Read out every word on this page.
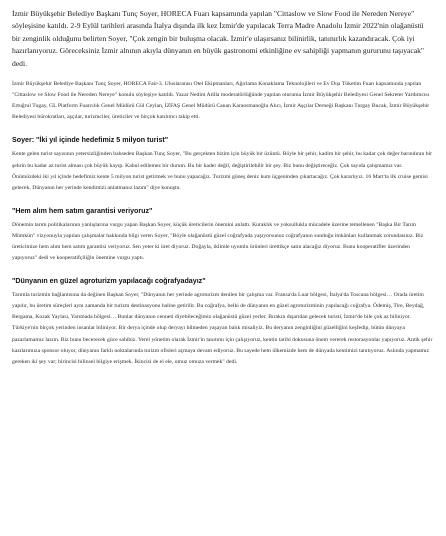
İzmir Büyükşehir Belediye Başkanı Tunç Soyer, HORECA Fuarı kapsamında yapılan "Cittaslow ve Slow Food ile Nereden Nereye" söyleşisine katıldı. 2-9 Eylül tarihleri arasında İtalya dışında ilk kez İzmir'de yapılacak Terra Madre Anadolu İzmir 2022'nin olağanüstü bir zenginlik olduğunu belirten Soyer, "Çok zengin bir buluşma olacak. İzmir'e ulaşırsanız bilinirlik, tanınırlık kazandıracak. Çok iyi hazırlanıyoruz. Göreceksiniz İzmir alnının akıyla dünyanın en büyük gastronomi etkinliğine ev sahipliği yapmanın gururunu taşıyacak" dedi.

İzmir Büyükşehir Belediye Başkanı Tunç Soyer, HORECA Fair-3. Uluslararası Otel Ekipmanları, Ağırlama Konaklama Teknolojileri ve Ev Dışı Tüketim Fuarı kapsamında yapılan "Cittaslow ve Slow Food ile Nereden Nereye" konulu söyleşiye katıldı. Yazar Nedim Atilla moderatörlüğünde yapılan oturuma İzmir Büyükşehir Belediyesi Genel Sekreter Yardımcısı Ertuğrul Tugay, GL Platform Fuarcılık Genel Müdürü Gül Ceylan, İZFAŞ Genel Müdürü Canan Karaosmanoğlu Alıcı, İzmir Aşçılar Derneği Başkanı Turgay Bucak, İzmir Büyükşehir Belediyesi bürokratları, aşçılar, turizmciler, üreticiler ve birçok katılımcı takip etti.

Soyer: "İki yıl içinde hedefimiz 5 milyon turist"

Kente gelen turist sayısının yetersizliğinden bahseden Başkan Tunç Soyer, "Bu gerçekten bizim için büyük bir üzüntü. Böyle bir şehir, kadim bir şehir, bu kadar çok değer barındıran bir şehrin bu kadar az turist alması çok büyük kayıp. Kabul edilemez bir durum. Bu bir kader değil, değiştirilebilir bir şey. Biz bunu değiştireceğiz. Çok sayıda çalışmamız var. Önümüzdeki iki yıl içinde hedefimiz kente 5 milyon turist getirmek ve bunu yapacağız. Turizmi güneş deniz kum üçgeninden çıkartacağız. Çok kararlıyız. 16 Mart'ta ilk cruise gemisi gelecek. Dünyanın her yerinde kendimizi anlatmanız lazım" diye konuştu.

"Hem alım hem satım garantisi veriyoruz"

Dönemin tarım politikalarının yanlışlarına vurgu yapan Başkan Soyer, küçük üreticilerin önemini anlattı. Kuraklık ve yoksullukla mücadele üzerine temellenen "Başka Bir Tarım Mümkün" vizyonuyla yapılan çalışmalar hakkında bilgi veren Soyer, "Böyle olağanüstü güzel coğrafyada yaşıyorsunuz coğrafyanın sunduğu imkânları kullanmak zorundasınız. Biz üreticimize hem alım hem satım garantisi veriyoruz. Sen yeter ki üret diyoruz. Doğayla, iklimle uyumlu ürünleri ürettikçe satın alacağız diyoruz. Bunu kooperatifler üzerinden yapıyoruz" dedi ve kooperatifçiliğin önemine vurgu yaptı.

"Dünyanın en güzel agroturizm yapılacağı coğrafyadayız"

Tarımla turizmin bağlantısına da değinen Başkan Soyer, "Dünyanın her yerinde agroturizm denilen bir çalışma var. Fransa'da Luar bölgesi, İtalya'da Toscana bölgesi… Orada üretim yapılır, bu üretim süreçleri aynı zamanda bir turizm destinasyonu haline getirilir. Bu coğrafya, belki de dünyanın en güzel agroturizminin yapılacağı coğrafya. Ödemiş, Tire, Beydağ, Bergama, Kozak Yaylası, Yarımada bölgesi… Bunlar dünyanın cenneti diyebileceğimiz olağanüstü güzel yerler. Bırakın dışarıdan gelecek turisti, İzmir'de bile çok az biliniyor. Türkiye'nin birçok yerinden insanlar biliniyor. Bir derya içinde olup deryayı bilmeden yaşayan balık misaliyiz. Bu deryanın zenginliğini güzelliğini keşfedip, bütün dünyaya pazarlamamız lazım. Biz bunu becerecek güce sahibiz. Yerel yönetim olarak İzmir'in tanıtımı için çalışıyoruz, kentin tarihi dokusuna önem vererek restorasyonlar yapıyoruz. Antik şehir kazılarımıza sponsor oluyor, dünyanın farklı noktalarında turizm ofisleri açmaya devam ediyoruz. Bu sayede hem ülkemizde hem de dünyada kentimizi tanıtıyoruz. Aslında yapmamız gereken iki şey var; birincisi bilinsel bilgiye erişmek. İkincisi de el ele, omuz omuza vermek" dedi.
